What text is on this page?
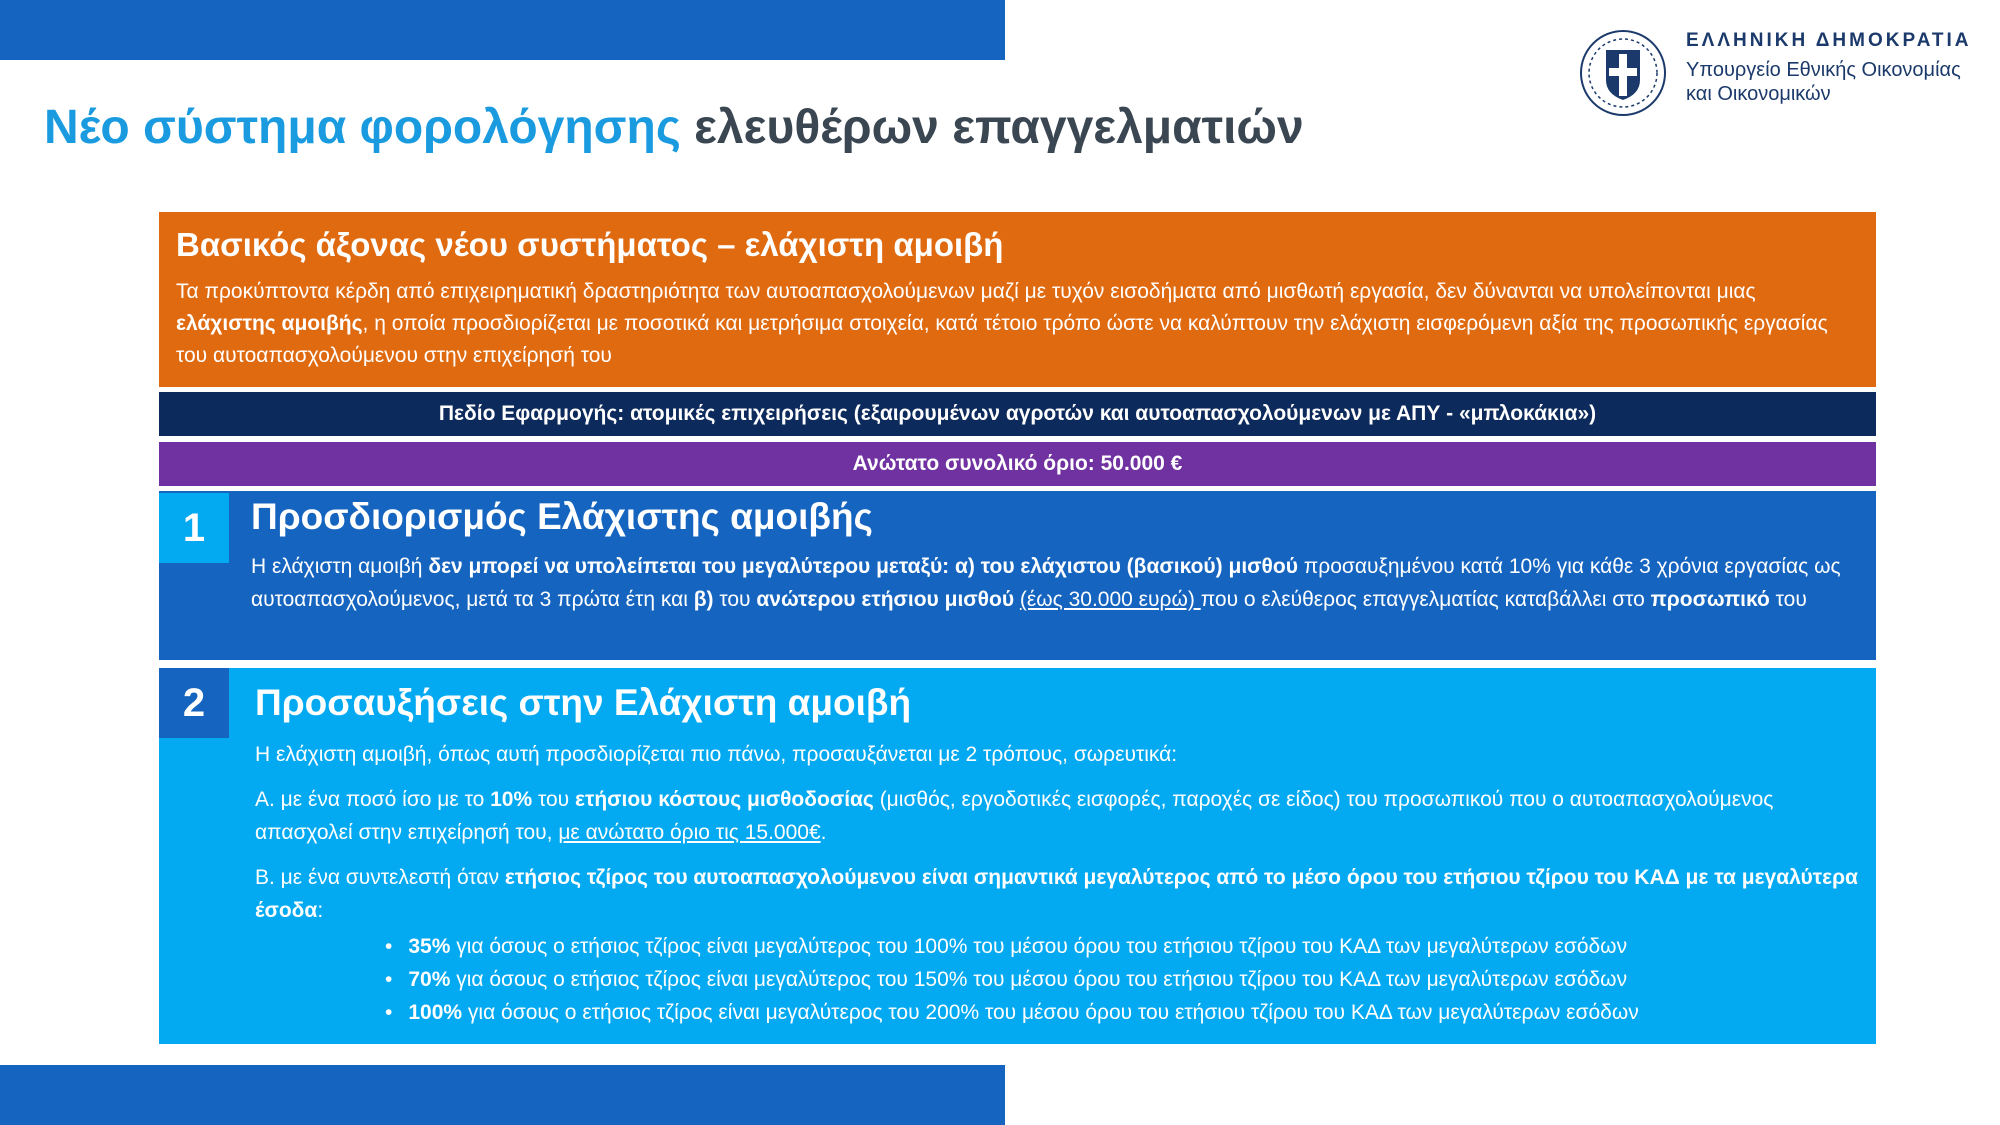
Νέο σύστημα φορολόγησης ελευθέρων επαγγελματιών
ΕΛΛΗΝΙΚΗ ΔΗΜΟΚΡΑΤΙΑ
Υπουργείο Εθνικής Οικονομίας
και Οικονομικών
Βασικός άξονας νέου συστήματος – ελάχιστη αμοιβή

Τα προκύπτοντα κέρδη από επιχειρηματική δραστηριότητα των αυτοαπασχολούμενων μαζί με τυχόν εισοδήματα από μισθωτή εργασία, δεν δύνανται να υπολείπονται μιας ελάχιστης αμοιβής, η οποία προσδιορίζεται με ποσοτικά και μετρήσιμα στοιχεία, κατά τέτοιο τρόπο ώστε να καλύπτουν την ελάχιστη εισφερόμενη αξία της προσωπικής εργασίας του αυτοαπασχολούμενου στην επιχείρησή του

Πεδίο Εφαρμογής: ατομικές επιχειρήσεις (εξαιρουμένων αγροτών και αυτοαπασχολούμενων με ΑΠΥ - «μπλοκάκια»)
Ανώτατο συνολικό όριο: 50.000 €
1	Προσδιορισμός Ελάχιστης αμοιβής

Η ελάχιστη αμοιβή δεν μπορεί να υπολείπεται του μεγαλύτερου μεταξύ: α) του ελάχιστου (βασικού) μισθού προσαυξημένου κατά 10% για κάθε 3 χρόνια εργασίας ως αυτοαπασχολούμενος, μετά τα 3 πρώτα έτη και β) του ανώτερου ετήσιου μισθού (έως 30.000 ευρώ) που ο ελεύθερος επαγγελματίας καταβάλλει στο προσωπικό του

2	Προσαυξήσεις στην Ελάχιστη αμοιβή

Η ελάχιστη αμοιβή, όπως αυτή προσδιορίζεται πιο πάνω, προσαυξάνεται με 2 τρόπους, σωρευτικά:

Α. με ένα ποσό ίσο με το 10% του ετήσιου κόστους μισθοδοσίας (μισθός, εργοδοτικές εισφορές, παροχές σε είδος) του προσωπικού που ο αυτοαπασχολούμενος απασχολεί στην επιχείρησή του, με ανώτατο όριο τις 15.000€.

Β. με ένα συντελεστή όταν ετήσιος τζίρος του αυτοαπασχολούμενου είναι σημαντικά μεγαλύτερος από το μέσο όρου του ετήσιου τζίρου του ΚΑΔ με τα μεγαλύτερα έσοδα:

• 35% για όσους ο ετήσιος τζίρος είναι μεγαλύτερος του 100% του μέσου όρου του ετήσιου τζίρου του ΚΑΔ των μεγαλύτερων εσόδων
• 70% για όσους ο ετήσιος τζίρος είναι μεγαλύτερος του 150% του μέσου όρου του ετήσιου τζίρου του ΚΑΔ των μεγαλύτερων εσόδων
• 100% για όσους ο ετήσιος τζίρος είναι μεγαλύτερος του 200% του μέσου όρου του ετήσιου τζίρου του ΚΑΔ των μεγαλύτερων εσόδων
